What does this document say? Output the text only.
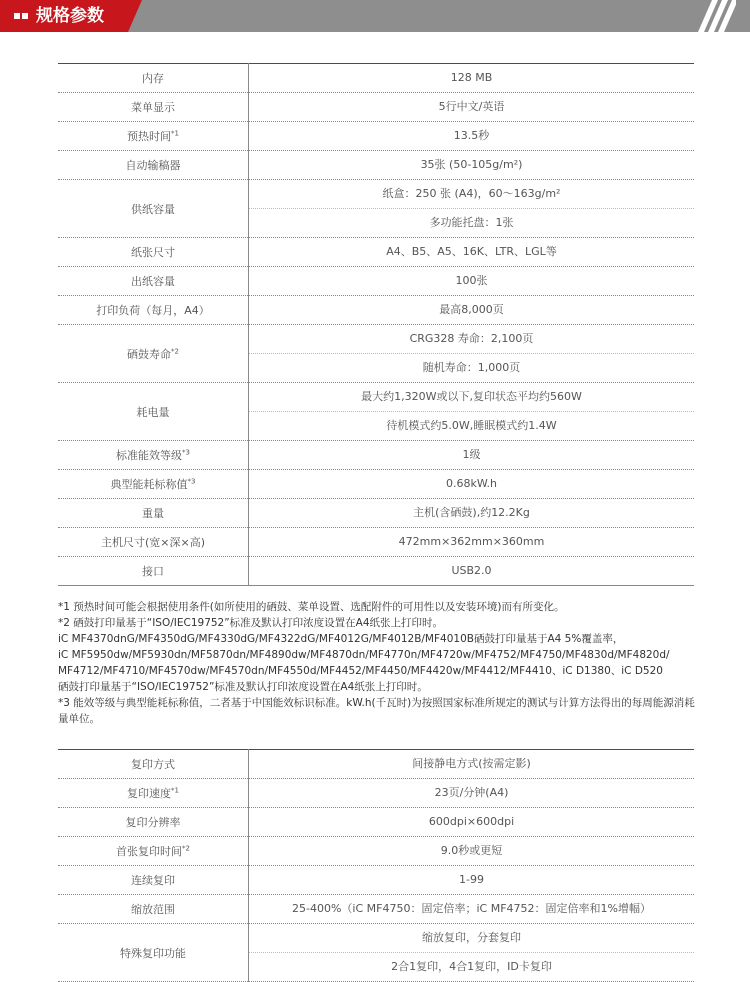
规格参数
内存	128 MB

菜单显示	5行中文/英语

预热时间$^{*1}$	13.5秒

自动输稿器	35张 (50-105g/m²)

供纸容量	纸盒：250 张 (A4)，60～163g/m²
多功能托盘：1张

纸张尺寸	A4、B5、A5、16K、LTR、LGL等

出纸容量	100张

打印负荷（每月，A4）	最高8,000页

硒鼓寿命$^{*2}$	CRG328 寿命：2,100页
随机寿命：1,000页

耗电量	最大约1,320W或以下,复印状态平均约560W
待机模式约5.0W,睡眠模式约1.4W

标准能效等级$^{*3}$	1级

典型能耗标称值$^{*3}$	0.68kW.h

重量	主机(含硒鼓),约12.2Kg

主机尺寸(宽×深×高)	472mm×362mm×360mm

接口	USB2.0

*1 预热时间可能会根据使用条件(如所使用的硒鼓、菜单设置、选配附件的可用性以及安装环境)而有所变化。

*2 硒鼓打印量基于“ISO/IEC19752”标准及默认打印浓度设置在A4纸张上打印时。

iC MF4370dnG/MF4350dG/MF4330dG/MF4322dG/MF4012G/MF4012B/MF4010B硒鼓打印量基于A4 5%覆盖率，

iC MF5950dw/MF5930dn/MF5870dn/MF4890dw/MF4870dn/MF4770n/MF4720w/MF4752/MF4750/MF4830d/MF4820d/

MF4712/MF4710/MF4570dw/MF4570dn/MF4550d/MF4452/MF4450/MF4420w/MF4412/MF4410、iC D1380、iC D520

硒鼓打印量基于“ISO/IEC19752”标准及默认打印浓度设置在A4纸张上打印时。

*3 能效等级与典型能耗标称值，二者基于中国能效标识标准。kW.h(千瓦时)为按照国家标准所规定的测试与计算方法得出的每周能源消耗量单位。

复印方式	间接静电方式(按需定影)

复印速度$^{*1}$	23页/分钟(A4)

复印分辨率	600dpi×600dpi

首张复印时间$^{*2}$	9.0秒或更短

连续复印	1-99

缩放范围	25-400%（iC MF4750：固定倍率；iC MF4752：固定倍率和1%增幅）

特殊复印功能	缩放复印，分套复印
2合1复印，4合1复印，ID卡复印
